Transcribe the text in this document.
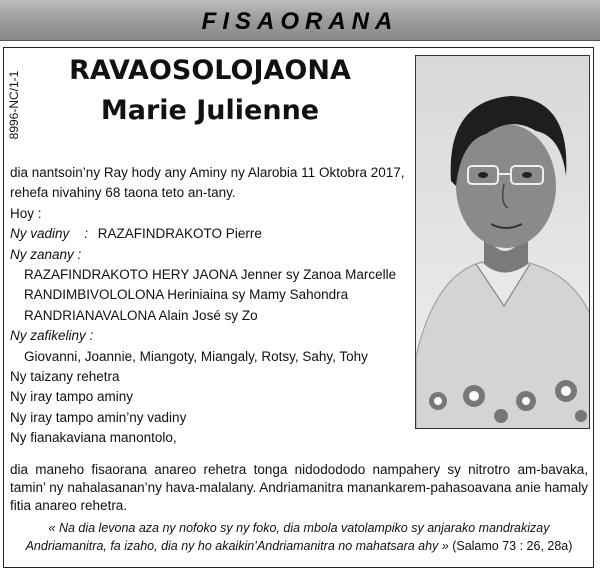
FISAORANA
8996-NC/1-1
RAVAOSOLOJAONA
Marie Julienne
dia nantsoin’ny Ray hody any Aminy ny Alarobia 11 Oktobra 2017,
rehefa nivahiny 68 taona teto an-tany.
Hoy :
Ny vadiny    : RAZAFINDRAKOTO Pierre
Ny zanany :
RAZAFINDRAKOTO HERY JAONA Jenner sy Zanoa Marcelle
RANDIMBIVOLOLONA Heriniaina sy Mamy Sahondra
RANDRIANAVALONA Alain José sy Zo
Ny zafikeliny :
Giovanni, Joannie, Miangoty, Miangaly, Rotsy, Sahy, Tohy
Ny taizany rehetra
Ny iray tampo aminy
Ny iray tampo amin’ny vadiny
Ny fianakaviana manontolo,
dia maneho fisaorana anareo rehetra tonga nidodododо nampahery sy nitrotro am-bavaka, tamin’ ny nahalasanan’ny hava-malalany. Andriamanitra manankarem-pahasoavana anie hamaly fitia anareo rehetra.
« Na dia levona aza ny nofoko sy ny foko, dia mbola vatolampiko sy anjarako mandrakizay
Andriamanitra, fa izaho, dia ny ho akaikin’Andriamanitra no mahatsara ahy » (Salamo 73 : 26, 28a)
